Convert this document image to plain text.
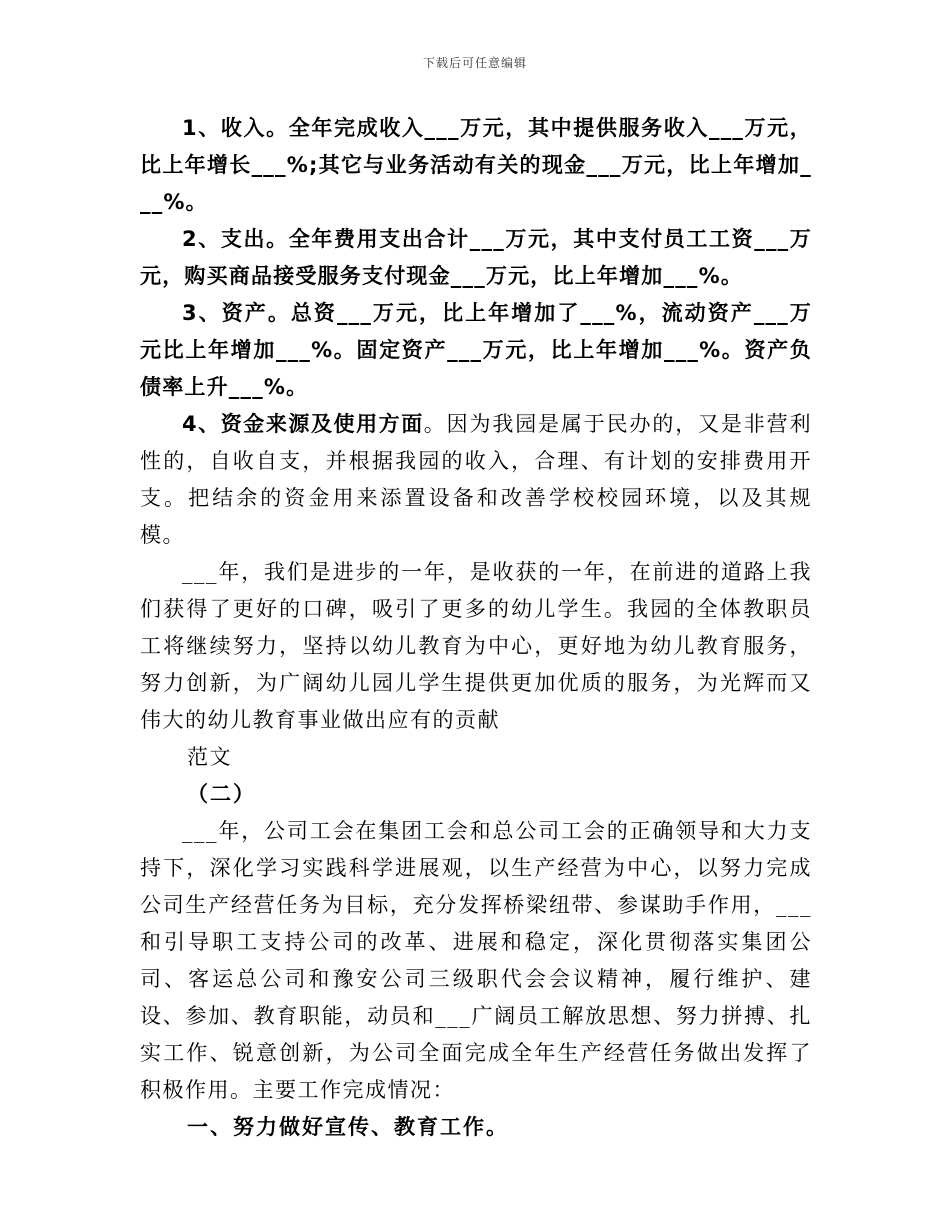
下载后可任意编辑

1、收入。全年完成收入___万元，其中提供服务收入___万元，比上年增长___%;其它与业务活动有关的现金___万元，比上年增加___%。

2、支出。全年费用支出合计___万元，其中支付员工工资___万元，购买商品接受服务支付现金___万元，比上年增加___%。

3、资产。总资___万元，比上年增加了___%，流动资产___万元比上年增加___%。固定资产___万元，比上年增加___%。资产负债率上升___%。

4、资金来源及使用方面。因为我园是属于民办的，又是非营利性的，自收自支，并根据我园的收入，合理、有计划的安排费用开支。把结余的资金用来添置设备和改善学校校园环境，以及其规模。

___年，我们是进步的一年，是收获的一年，在前进的道路上我们获得了更好的口碑，吸引了更多的幼儿学生。我园的全体教职员工将继续努力，坚持以幼儿教育为中心，更好地为幼儿教育服务，努力创新，为广阔幼儿园儿学生提供更加优质的服务，为光辉而又伟大的幼儿教育事业做出应有的贡献

范文

（二）

___年，公司工会在集团工会和总公司工会的正确领导和大力支持下，深化学习实践科学进展观，以生产经营为中心，以努力完成公司生产经营任务为目标，充分发挥桥梁纽带、参谋助手作用，___和引导职工支持公司的改革、进展和稳定，深化贯彻落实集团公司、客运总公司和豫安公司三级职代会会议精神，履行维护、建设、参加、教育职能，动员和___广阔员工解放思想、努力拼搏、扎实工作、锐意创新，为公司全面完成全年生产经营任务做出发挥了积极作用。主要工作完成情况：

一、努力做好宣传、教育工作。
